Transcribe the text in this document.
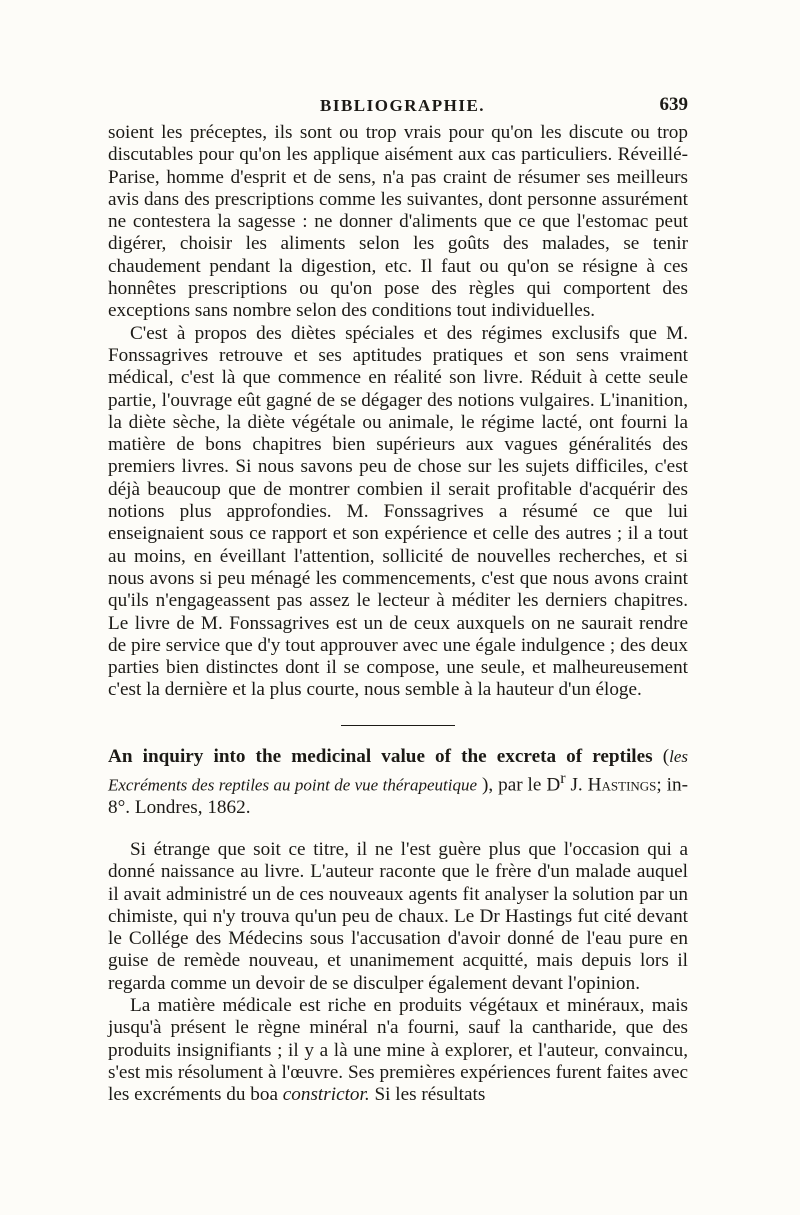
BIBLIOGRAPHIE.	639

soient les préceptes, ils sont ou trop vrais pour qu'on les discute ou trop discutables pour qu'on les applique aisément aux cas particuliers. Réveillé-Parise, homme d'esprit et de sens, n'a pas craint de résumer ses meilleurs avis dans des prescriptions comme les suivantes, dont personne assurément ne contestera la sagesse : ne donner d'aliments que ce que l'estomac peut digérer, choisir les aliments selon les goûts des malades, se tenir chaudement pendant la digestion, etc. Il faut ou qu'on se résigne à ces honnêtes prescriptions ou qu'on pose des règles qui comportent des exceptions sans nombre selon des conditions tout individuelles.

C'est à propos des diètes spéciales et des régimes exclusifs que M. Fonssagrives retrouve et ses aptitudes pratiques et son sens vraiment médical, c'est là que commence en réalité son livre. Réduit à cette seule partie, l'ouvrage eût gagné de se dégager des notions vulgaires. L'inanition, la diète sèche, la diète végétale ou animale, le régime lacté, ont fourni la matière de bons chapitres bien supérieurs aux vagues généralités des premiers livres. Si nous savons peu de chose sur les sujets difficiles, c'est déjà beaucoup que de montrer combien il serait profitable d'acquérir des notions plus approfondies. M. Fonssagrives a résumé ce que lui enseignaient sous ce rapport et son expérience et celle des autres ; il a tout au moins, en éveillant l'attention, sollicité de nouvelles recherches, et si nous avons si peu ménagé les commencements, c'est que nous avons craint qu'ils n'engageassent pas assez le lecteur à méditer les derniers chapitres. Le livre de M. Fonssagrives est un de ceux auxquels on ne saurait rendre de pire service que d'y tout approuver avec une égale indulgence ; des deux parties bien distinctes dont il se compose, une seule, et malheureusement c'est la dernière et la plus courte, nous semble à la hauteur d'un éloge.

An inquiry into the medicinal value of the excreta of reptiles (les Excréments des reptiles au point de vue thérapeutique ), par le $D^r$ J. Hastings; in-8°. Londres, 1862.

Si étrange que soit ce titre, il ne l'est guère plus que l'occasion qui a donné naissance au livre. L'auteur raconte que le frère d'un malade auquel il avait administré un de ces nouveaux agents fit analyser la solution par un chimiste, qui n'y trouva qu'un peu de chaux. Le Dr Hastings fut cité devant le Collége des Médecins sous l'accusation d'avoir donné de l'eau pure en guise de remède nouveau, et unanimement acquitté, mais depuis lors il regarda comme un devoir de se disculper également devant l'opinion.

La matière médicale est riche en produits végétaux et minéraux, mais jusqu'à présent le règne minéral n'a fourni, sauf la cantharide, que des produits insignifiants ; il y a là une mine à explorer, et l'auteur, convaincu, s'est mis résolument à l'œuvre. Ses premières expériences furent faites avec les excréments du boa constrictor. Si les résultats
